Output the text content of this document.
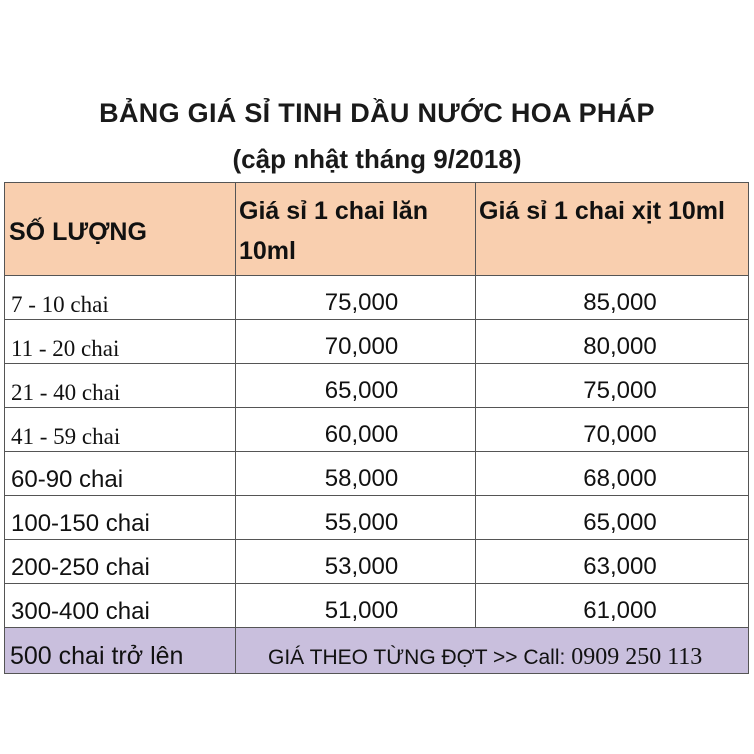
BẢNG GIÁ SỈ TINH DẦU NƯỚC HOA PHÁP
(cập nhật tháng 9/2018)
SỐ LƯỢNG	Giá sỉ 1 chai lăn 10ml	Giá sỉ 1 chai xịt 10ml
7 - 10 chai	75,000	85,000
11 - 20 chai	70,000	80,000
21 - 40 chai	65,000	75,000
41 - 59 chai	60,000	70,000
60-90 chai	58,000	68,000
100-150 chai	55,000	65,000
200-250 chai	53,000	63,000
300-400 chai	51,000	61,000
500 chai trở lên	GIÁ THEO TỪNG ĐỢT >> Call: 0909 250 113	
